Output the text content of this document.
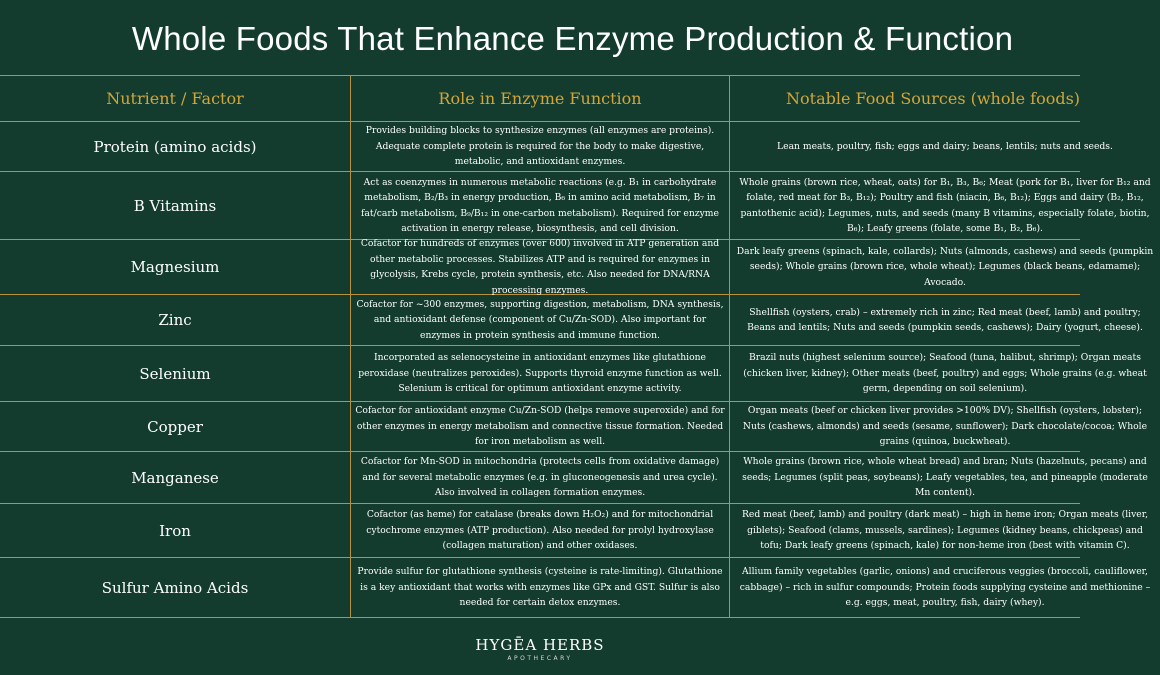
Whole Foods That Enhance Enzyme Production & Function
Nutrient / Factor	Role in Enzyme Function	Notable Food Sources (whole foods)
Protein (amino acids)
Provides building blocks to synthesize enzymes (all enzymes are proteins). Adequate complete protein is required for the body to make digestive, metabolic, and antioxidant enzymes.
Lean meats, poultry, fish; eggs and dairy; beans, lentils; nuts and seeds.
B Vitamins
Act as coenzymes in numerous metabolic reactions (e.g. B₁ in carbohydrate metabolism, B₂/B₃ in energy production, B₆ in amino acid metabolism, B₇ in fat/carb metabolism, B₉/B₁₂ in one-carbon metabolism). Required for enzyme activation in energy release, biosynthesis, and cell division.
Whole grains (brown rice, wheat, oats) for B₁, B₃, B₆; Meat (pork for B₁, liver for B₁₂ and folate, red meat for B₃, B₁₂); Poultry and fish (niacin, B₆, B₁₂); Eggs and dairy (B₂, B₁₂, pantothenic acid); Legumes, nuts, and seeds (many B vitamins, especially folate, biotin, B₆); Leafy greens (folate, some B₁, B₂, B₆).
Magnesium
Cofactor for hundreds of enzymes (over 600) involved in ATP generation and other metabolic processes. Stabilizes ATP and is required for enzymes in glycolysis, Krebs cycle, protein synthesis, etc. Also needed for DNA/RNA processing enzymes.
Dark leafy greens (spinach, kale, collards); Nuts (almonds, cashews) and seeds (pumpkin seeds); Whole grains (brown rice, whole wheat); Legumes (black beans, edamame); Avocado.
Zinc
Cofactor for ~300 enzymes, supporting digestion, metabolism, DNA synthesis, and antioxidant defense (component of Cu/Zn-SOD). Also important for enzymes in protein synthesis and immune function.
Shellfish (oysters, crab) – extremely rich in zinc; Red meat (beef, lamb) and poultry; Beans and lentils; Nuts and seeds (pumpkin seeds, cashews); Dairy (yogurt, cheese).
Selenium
Incorporated as selenocysteine in antioxidant enzymes like glutathione peroxidase (neutralizes peroxides). Supports thyroid enzyme function as well. Selenium is critical for optimum antioxidant enzyme activity.
Brazil nuts (highest selenium source); Seafood (tuna, halibut, shrimp); Organ meats (chicken liver, kidney); Other meats (beef, poultry) and eggs; Whole grains (e.g. wheat germ, depending on soil selenium).
Copper
Cofactor for antioxidant enzyme Cu/Zn-SOD (helps remove superoxide) and for other enzymes in energy metabolism and connective tissue formation. Needed for iron metabolism as well.
Organ meats (beef or chicken liver provides >100% DV); Shellfish (oysters, lobster); Nuts (cashews, almonds) and seeds (sesame, sunflower); Dark chocolate/cocoa; Whole grains (quinoa, buckwheat).
Manganese
Cofactor for Mn-SOD in mitochondria (protects cells from oxidative damage) and for several metabolic enzymes (e.g. in gluconeogenesis and urea cycle). Also involved in collagen formation enzymes.
Whole grains (brown rice, whole wheat bread) and bran; Nuts (hazelnuts, pecans) and seeds; Legumes (split peas, soybeans); Leafy vegetables, tea, and pineapple (moderate Mn content).
Iron
Cofactor (as heme) for catalase (breaks down H₂O₂) and for mitochondrial cytochrome enzymes (ATP production). Also needed for prolyl hydroxylase (collagen maturation) and other oxidases.
Red meat (beef, lamb) and poultry (dark meat) – high in heme iron; Organ meats (liver, giblets); Seafood (clams, mussels, sardines); Legumes (kidney beans, chickpeas) and tofu; Dark leafy greens (spinach, kale) for non-heme iron (best with vitamin C).
Sulfur Amino Acids
Provide sulfur for glutathione synthesis (cysteine is rate-limiting). Glutathione is a key antioxidant that works with enzymes like GPx and GST. Sulfur is also needed for certain detox enzymes.
Allium family vegetables (garlic, onions) and cruciferous veggies (broccoli, cauliflower, cabbage) – rich in sulfur compounds; Protein foods supplying cysteine and methionine – e.g. eggs, meat, poultry, fish, dairy (whey).
HYGĒA HERBS
APOTHECARY
